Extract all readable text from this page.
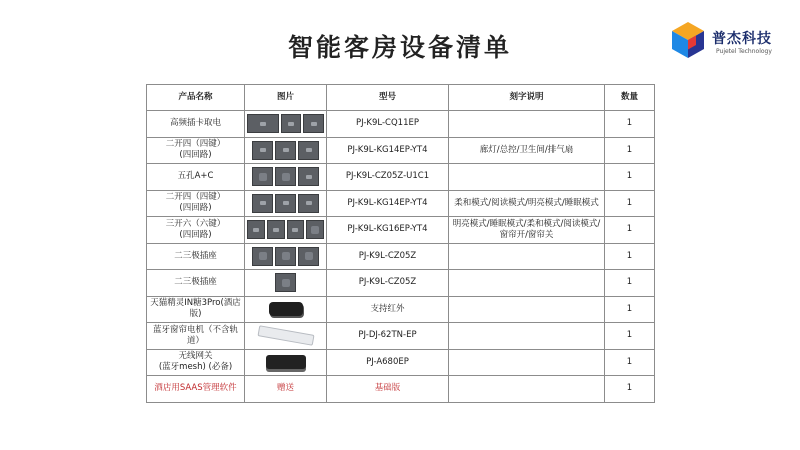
智能客房设备清单	普杰科技
Pujetel Technology
产品名称	图片	型号	刻字说明	数量
高频插卡取电		PJ-K9L-CQ11EP		1
二开四（四键）
(四回路)		PJ-K9L-KG14EP-YT4	廊灯/总控/卫生间/排气扇	1
五孔A+C		PJ-K9L-CZ05Z-U1C1		1
二开四（四键）
(四回路)		PJ-K9L-KG14EP-YT4	柔和模式/阅读模式/明亮模式/睡眠模式	1
三开六（六键）
(四回路)		PJ-K9L-KG16EP-YT4	明亮模式/睡眠模式/柔和模式/阅读模式/
窗帘开/窗帘关	1
二三极插座		PJ-K9L-CZ05Z		1
二三极插座		PJ-K9L-CZ05Z		1
天猫精灵IN糖3Pro(酒店
版)		支持红外		1
蓝牙窗帘电机（不含轨
道）		PJ-DJ-62TN-EP		1
无线网关
(蓝牙mesh) (必备)		PJ-A680EP		1
酒店用SAAS管理软件	赠送	基础版		1
